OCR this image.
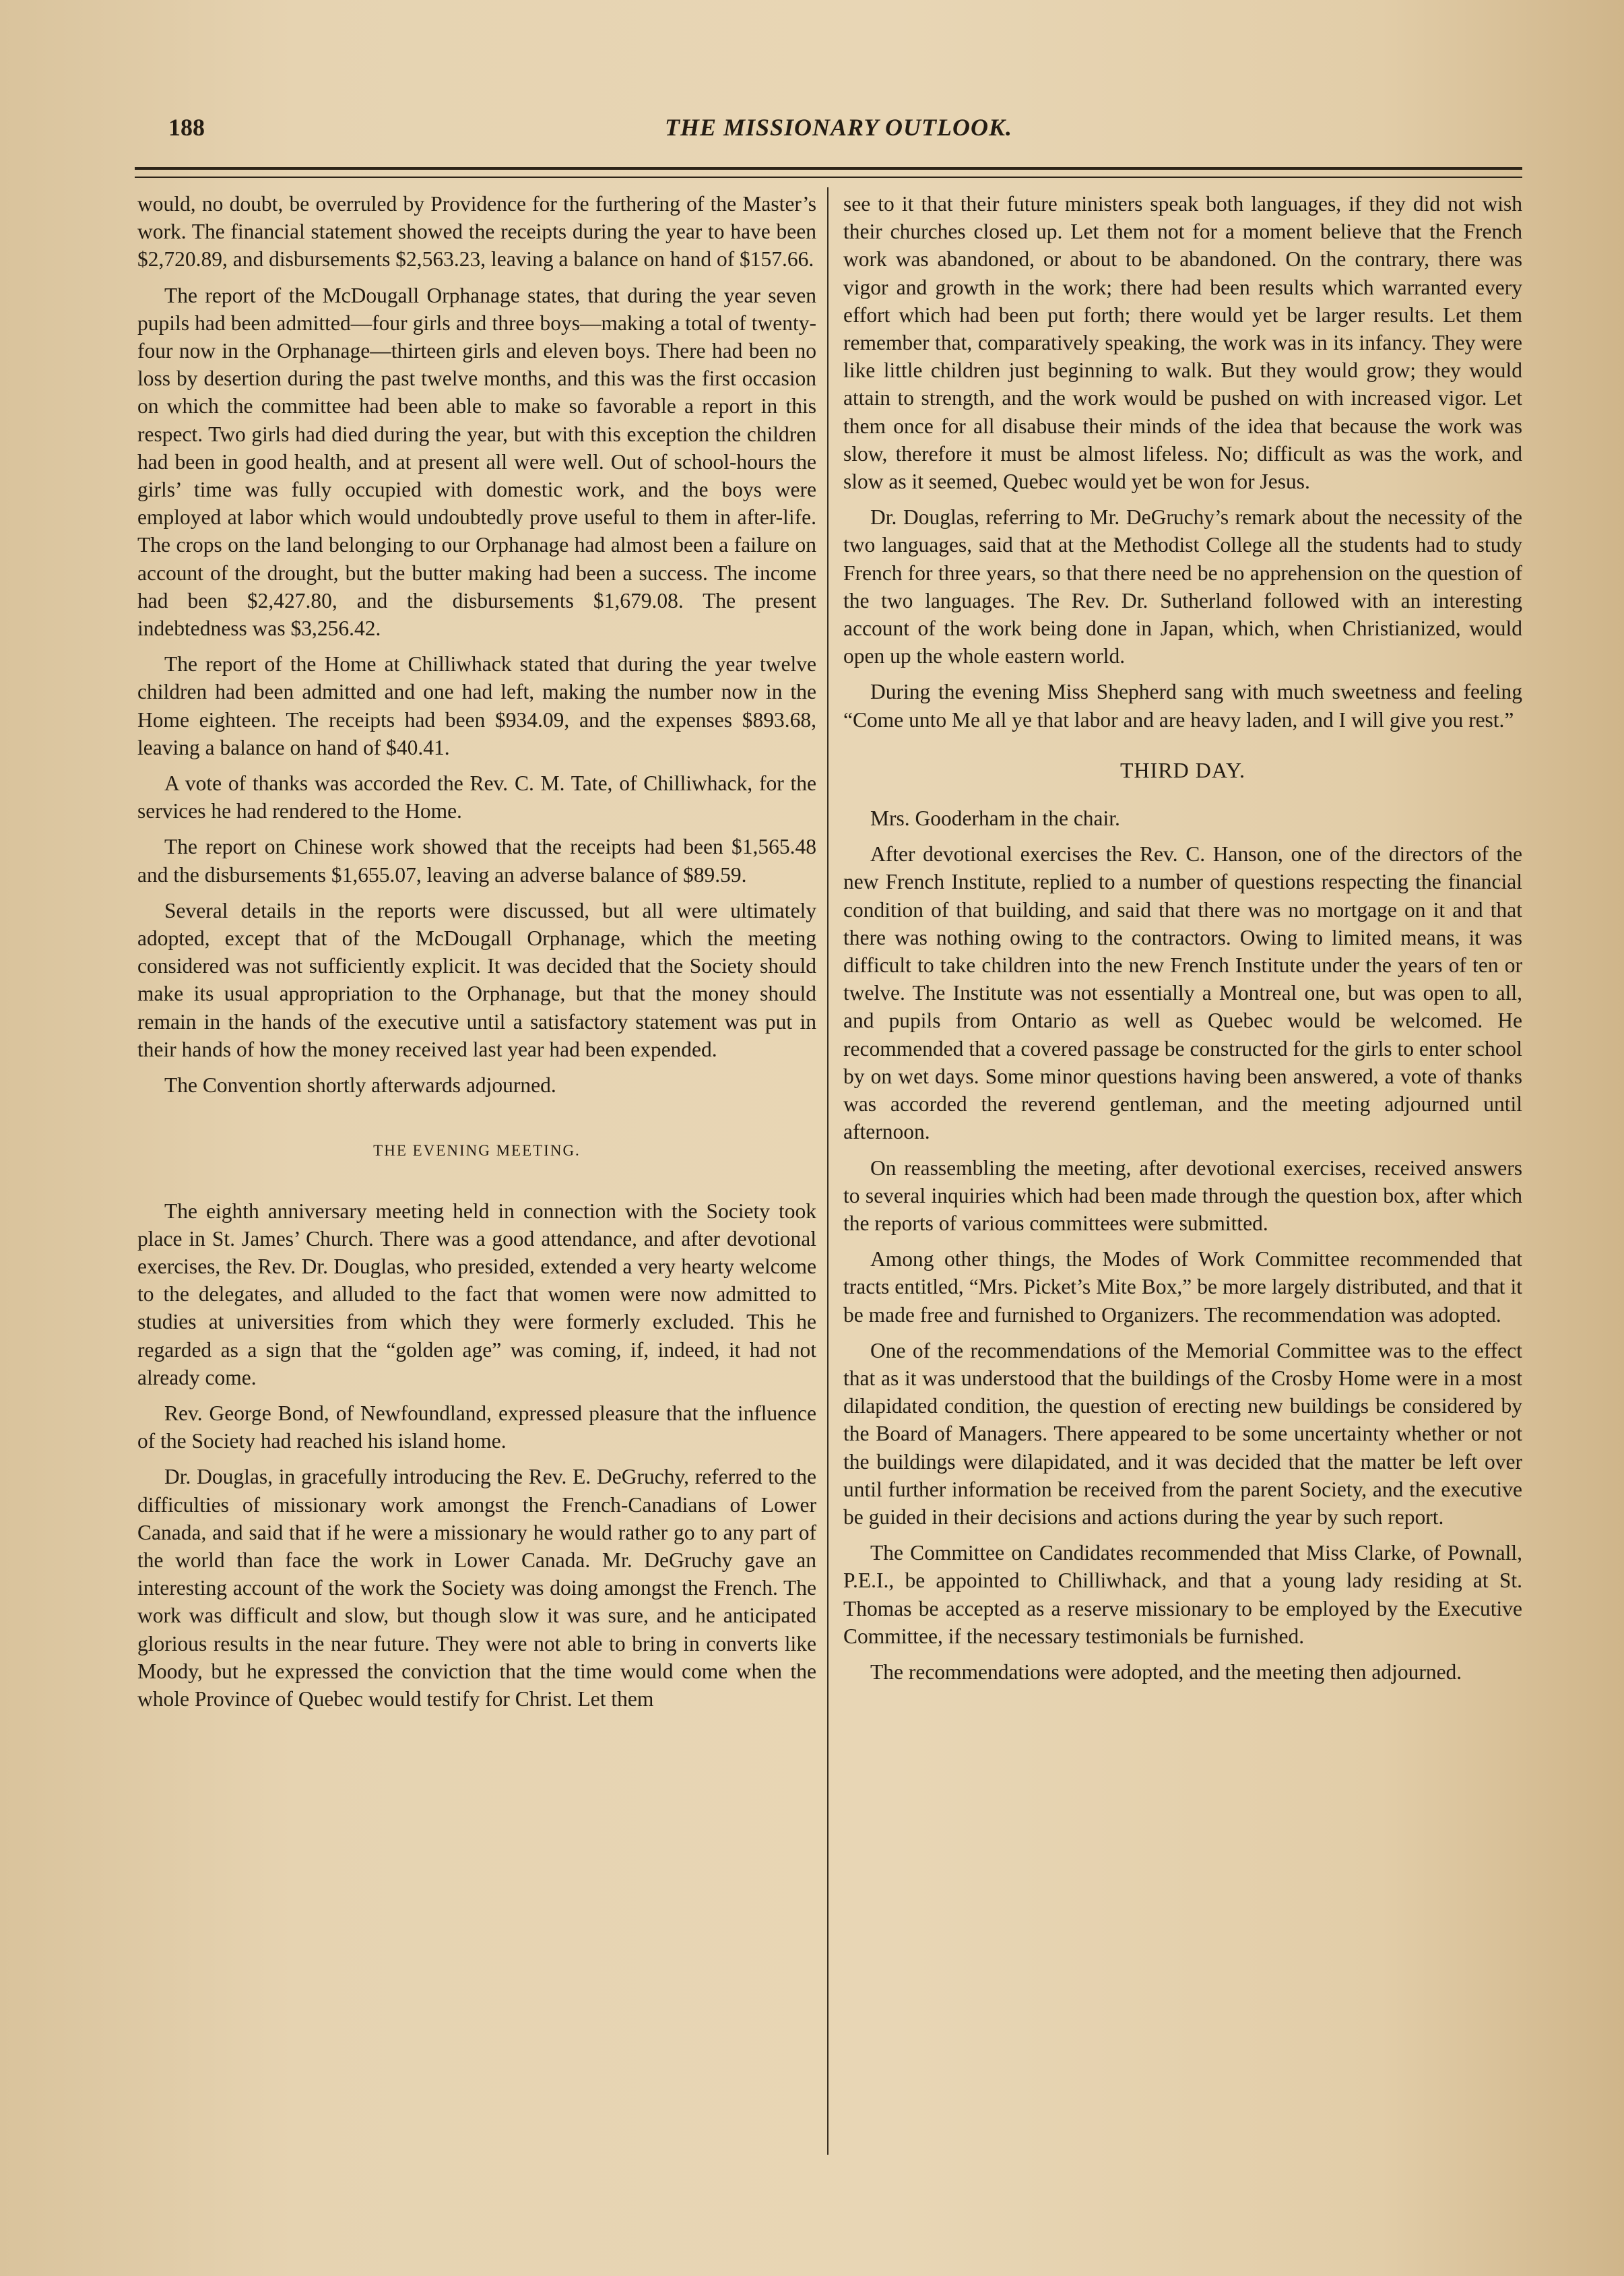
188	THE MISSIONARY OUTLOOK.

would, no doubt, be overruled by Providence for the furthering of the Master’s work. The financial statement showed the receipts during the year to have been $2,720.89, and disbursements $2,563.23, leaving a balance on hand of $157.66.

The report of the McDougall Orphanage states, that during the year seven pupils had been admitted—four girls and three boys—making a total of twenty-four now in the Orphanage—thirteen girls and eleven boys. There had been no loss by desertion during the past twelve months, and this was the first occasion on which the committee had been able to make so favorable a report in this respect. Two girls had died during the year, but with this exception the children had been in good health, and at present all were well. Out of school-hours the girls’ time was fully occupied with domestic work, and the boys were employed at labor which would undoubtedly prove useful to them in after-life. The crops on the land belonging to our Orphanage had almost been a failure on account of the drought, but the butter making had been a success. The income had been $2,427.80, and the disbursements $1,679.08. The present indebtedness was $3,256.42.

The report of the Home at Chilliwhack stated that during the year twelve children had been admitted and one had left, making the number now in the Home eighteen. The receipts had been $934.09, and the expenses $893.68, leaving a balance on hand of $40.41.

A vote of thanks was accorded the Rev. C. M. Tate, of Chilliwhack, for the services he had rendered to the Home.

The report on Chinese work showed that the receipts had been $1,565.48 and the disbursements $1,655.07, leaving an adverse balance of $89.59.

Several details in the reports were discussed, but all were ultimately adopted, except that of the McDougall Orphanage, which the meeting considered was not sufficiently explicit. It was decided that the Society should make its usual appropriation to the Orphanage, but that the money should remain in the hands of the executive until a satisfactory statement was put in their hands of how the money received last year had been expended.

The Convention shortly afterwards adjourned.

THE EVENING MEETING.

The eighth anniversary meeting held in connection with the Society took place in St. James’ Church. There was a good attendance, and after devotional exercises, the Rev. Dr. Douglas, who presided, extended a very hearty welcome to the delegates, and alluded to the fact that women were now admitted to studies at universities from which they were formerly excluded. This he regarded as a sign that the “golden age” was coming, if, indeed, it had not already come.

Rev. George Bond, of Newfoundland, expressed pleasure that the influence of the Society had reached his island home.

Dr. Douglas, in gracefully introducing the Rev. E. DeGruchy, referred to the difficulties of missionary work amongst the French-Canadians of Lower Canada, and said that if he were a missionary he would rather go to any part of the world than face the work in Lower Canada. Mr. DeGruchy gave an interesting account of the work the Society was doing amongst the French. The work was difficult and slow, but though slow it was sure, and he anticipated glorious results in the near future. They were not able to bring in converts like Moody, but he expressed the conviction that the time would come when the whole Province of Quebec would testify for Christ. Let them

see to it that their future ministers speak both languages, if they did not wish their churches closed up. Let them not for a moment believe that the French work was abandoned, or about to be abandoned. On the contrary, there was vigor and growth in the work; there had been results which warranted every effort which had been put forth; there would yet be larger results. Let them remember that, comparatively speaking, the work was in its infancy. They were like little children just beginning to walk. But they would grow; they would attain to strength, and the work would be pushed on with increased vigor. Let them once for all disabuse their minds of the idea that because the work was slow, therefore it must be almost lifeless. No; difficult as was the work, and slow as it seemed, Quebec would yet be won for Jesus.

Dr. Douglas, referring to Mr. DeGruchy’s remark about the necessity of the two languages, said that at the Methodist College all the students had to study French for three years, so that there need be no apprehension on the question of the two languages. The Rev. Dr. Sutherland followed with an interesting account of the work being done in Japan, which, when Christianized, would open up the whole eastern world.

During the evening Miss Shepherd sang with much sweetness and feeling “Come unto Me all ye that labor and are heavy laden, and I will give you rest.”

THIRD DAY.

Mrs. Gooderham in the chair.

After devotional exercises the Rev. C. Hanson, one of the directors of the new French Institute, replied to a number of questions respecting the financial condition of that building, and said that there was no mortgage on it and that there was nothing owing to the contractors. Owing to limited means, it was difficult to take children into the new French Institute under the years of ten or twelve. The Institute was not essentially a Montreal one, but was open to all, and pupils from Ontario as well as Quebec would be welcomed. He recommended that a covered passage be constructed for the girls to enter school by on wet days. Some minor questions having been answered, a vote of thanks was accorded the reverend gentleman, and the meeting adjourned until afternoon.

On reassembling the meeting, after devotional exercises, received answers to several inquiries which had been made through the question box, after which the reports of various committees were submitted.

Among other things, the Modes of Work Committee recommended that tracts entitled, “Mrs. Picket’s Mite Box,” be more largely distributed, and that it be made free and furnished to Organizers. The recommendation was adopted.

One of the recommendations of the Memorial Committee was to the effect that as it was understood that the buildings of the Crosby Home were in a most dilapidated condition, the question of erecting new buildings be considered by the Board of Managers. There appeared to be some uncertainty whether or not the buildings were dilapidated, and it was decided that the matter be left over until further information be received from the parent Society, and the executive be guided in their decisions and actions during the year by such report.

The Committee on Candidates recommended that Miss Clarke, of Pownall, P.E.I., be appointed to Chilliwhack, and that a young lady residing at St. Thomas be accepted as a reserve missionary to be employed by the Executive Committee, if the necessary testimonials be furnished.

The recommendations were adopted, and the meeting then adjourned.
